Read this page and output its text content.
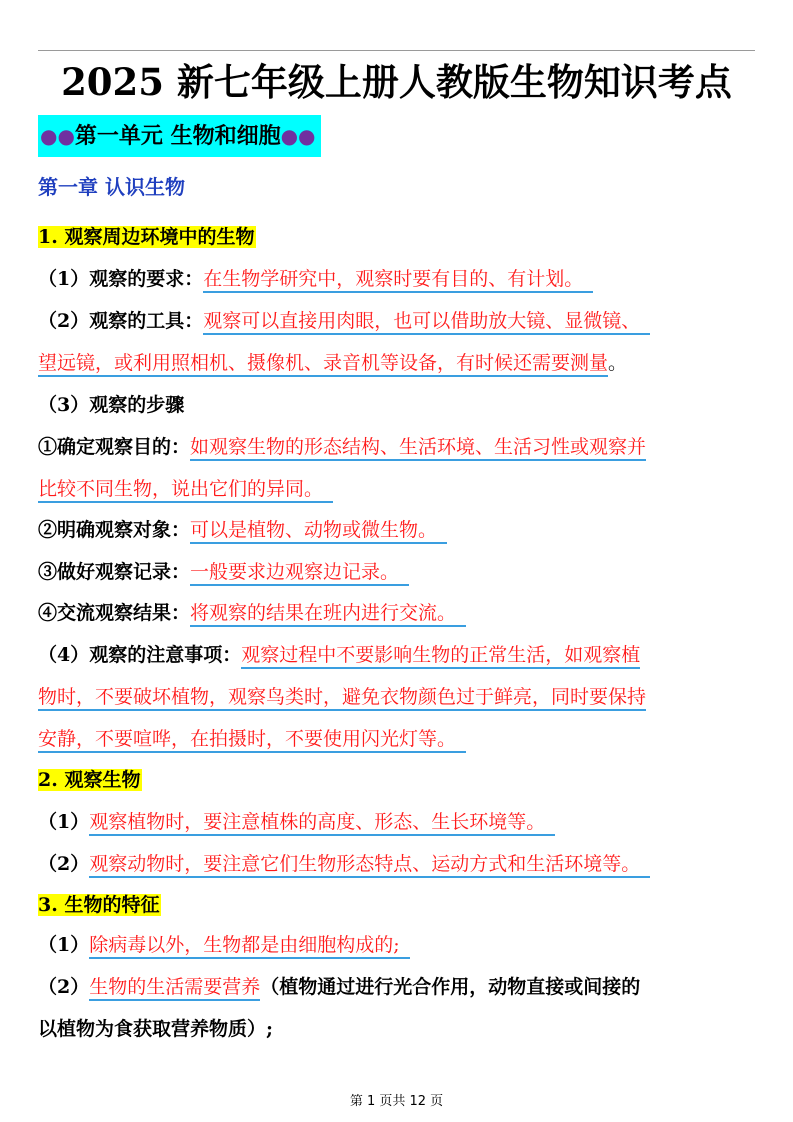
2025 新七年级上册人教版生物知识考点
●●第一单元 生物和细胞●●
第一章 认识生物
1. 观察周边环境中的生物
（1）观察的要求：在生物学研究中，观察时要有目的、有计划。
（2）观察的工具：观察可以直接用肉眼，也可以借助放大镜、显微镜、
望远镜，或利用照相机、摄像机、录音机等设备，有时候还需要测量。
（3）观察的步骤
①确定观察目的：如观察生物的形态结构、生活环境、生活习性或观察并
比较不同生物，说出它们的异同。
②明确观察对象：可以是植物、动物或微生物。
③做好观察记录：一般要求边观察边记录。
④交流观察结果：将观察的结果在班内进行交流。
（4）观察的注意事项：观察过程中不要影响生物的正常生活，如观察植
物时，不要破坏植物，观察鸟类时，避免衣物颜色过于鲜亮，同时要保持
安静，不要喧哗，在拍摄时，不要使用闪光灯等。
2. 观察生物
（1）观察植物时，要注意植株的高度、形态、生长环境等。
（2）观察动物时，要注意它们生物形态特点、运动方式和生活环境等。
3. 生物的特征
（1）除病毒以外，生物都是由细胞构成的;
（2）生物的生活需要营养（植物通过进行光合作用，动物直接或间接的
以植物为食获取营养物质）;
第 1 页共 12 页
